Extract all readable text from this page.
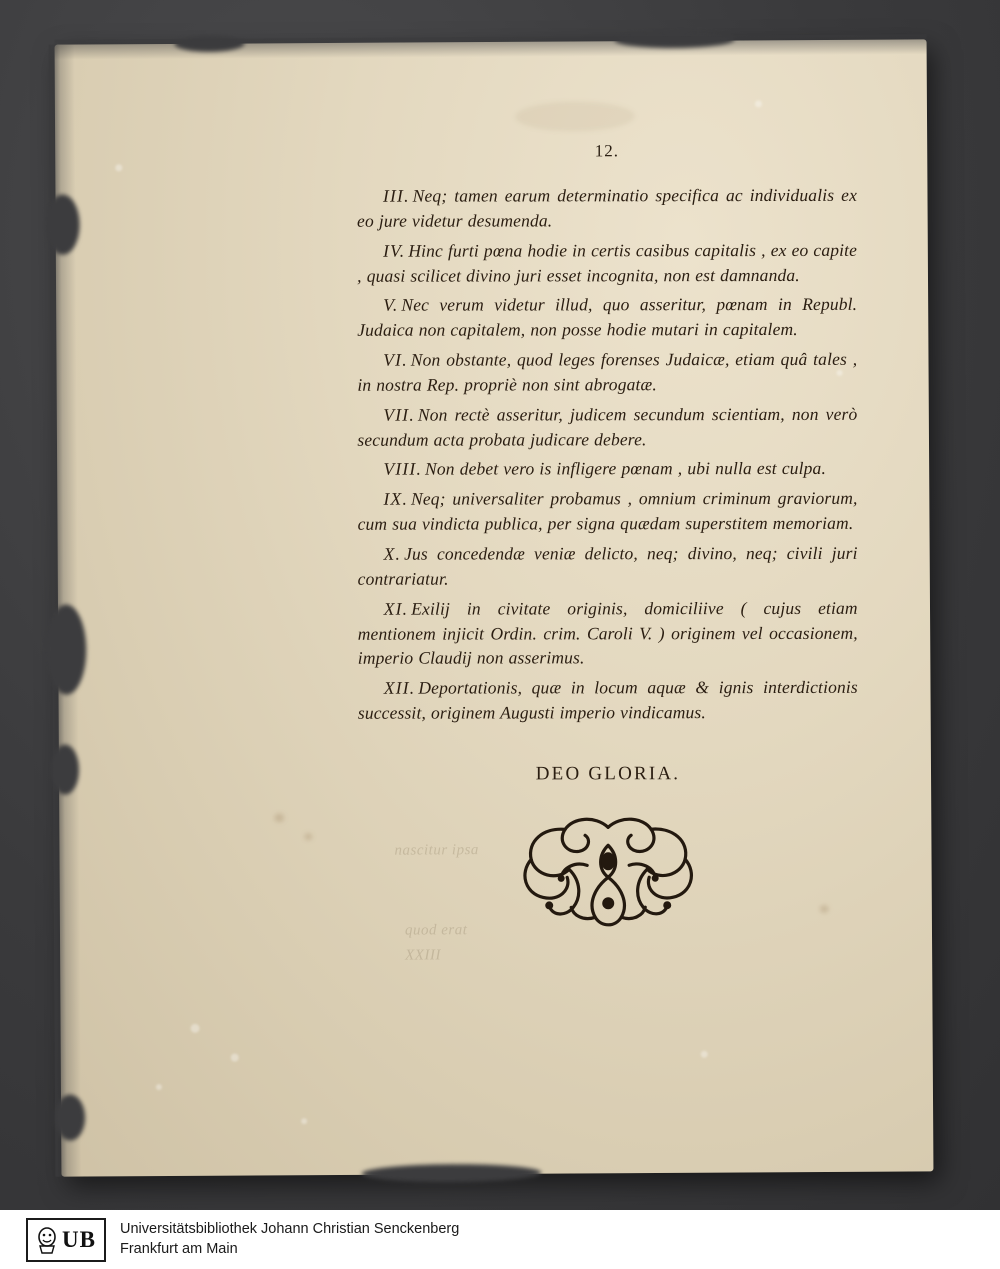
nascitur ipsa
quod erat
XXIII
12.

III. Neq; tamen earum determinatio specifica ac individualis ex eo jure videtur desumenda.

IV. Hinc furti pœna hodie in certis casibus capitalis , ex eo capite , quasi scilicet divino juri esset incognita, non est damnanda.

V. Nec verum videtur illud, quo asseritur, pœnam in Republ. Judaica non capitalem, non posse hodie mutari in capitalem.

VI. Non obstante, quod leges forenses Judaicæ, etiam quâ tales , in nostra Rep. propriè non sint abrogatæ.

VII. Non rectè asseritur, judicem secundum scientiam, non verò secundum acta probata judicare debere.

VIII. Non debet vero is infligere pœnam , ubi nulla est culpa.

IX. Neq; universaliter probamus , omnium criminum graviorum, cum sua vindicta publica, per signa quædam superstitem memoriam.

X. Jus concedendæ veniæ delicto, neq; divino, neq; civili juri contrariatur.

XI. Exilij in civitate originis, domiciliive ( cujus etiam mentionem injicit Ordin. crim. Caroli V. ) originem vel occasionem, imperio Claudij non asserimus.

XII. Deportationis, quæ in locum aquæ & ignis interdictionis successit, originem Augusti imperio vindicamus.

DEO GLORIA.
UB Universitätsbibliothek Johann Christian Senckenberg
Frankfurt am Main
